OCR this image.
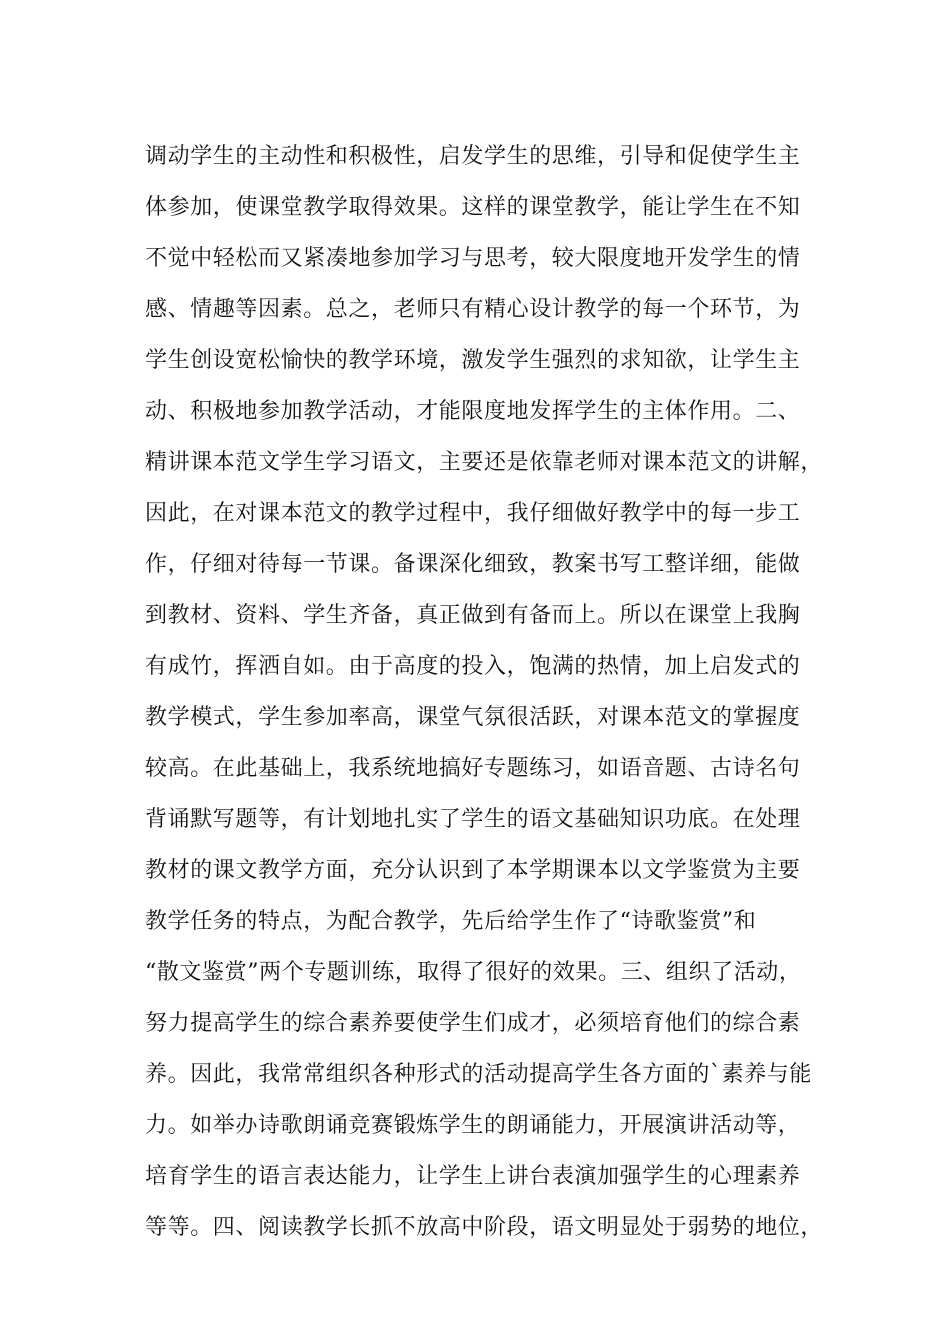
调动学生的主动性和积极性，启发学生的思维，引导和促使学生主
体参加，使课堂教学取得效果。这样的课堂教学，能让学生在不知
不觉中轻松而又紧凑地参加学习与思考，较大限度地开发学生的情
感、情趣等因素。总之，老师只有精心设计教学的每一个环节，为
学生创设宽松愉快的教学环境，激发学生强烈的求知欲，让学生主
动、积极地参加教学活动，才能限度地发挥学生的主体作用。二、
精讲课本范文学生学习语文，主要还是依靠老师对课本范文的讲解，
因此，在对课本范文的教学过程中，我仔细做好教学中的每一步工
作，仔细对待每一节课。备课深化细致，教案书写工整详细，能做
到教材、资料、学生齐备，真正做到有备而上。所以在课堂上我胸
有成竹，挥洒自如。由于高度的投入，饱满的热情，加上启发式的
教学模式，学生参加率高，课堂气氛很活跃，对课本范文的掌握度
较高。在此基础上，我系统地搞好专题练习，如语音题、古诗名句
背诵默写题等，有计划地扎实了学生的语文基础知识功底。在处理
教材的课文教学方面，充分认识到了本学期课本以文学鉴赏为主要
教学任务的特点，为配合教学，先后给学生作了“诗歌鉴赏”和
“散文鉴赏”两个专题训练，取得了很好的效果。三、组织了活动，
努力提高学生的综合素养要使学生们成才，必须培育他们的综合素
养。因此，我常常组织各种形式的活动提高学生各方面的`素养与能
力。如举办诗歌朗诵竞赛锻炼学生的朗诵能力，开展演讲活动等，
培育学生的语言表达能力，让学生上讲台表演加强学生的心理素养
等等。四、阅读教学长抓不放高中阶段，语文明显处于弱势的地位，
